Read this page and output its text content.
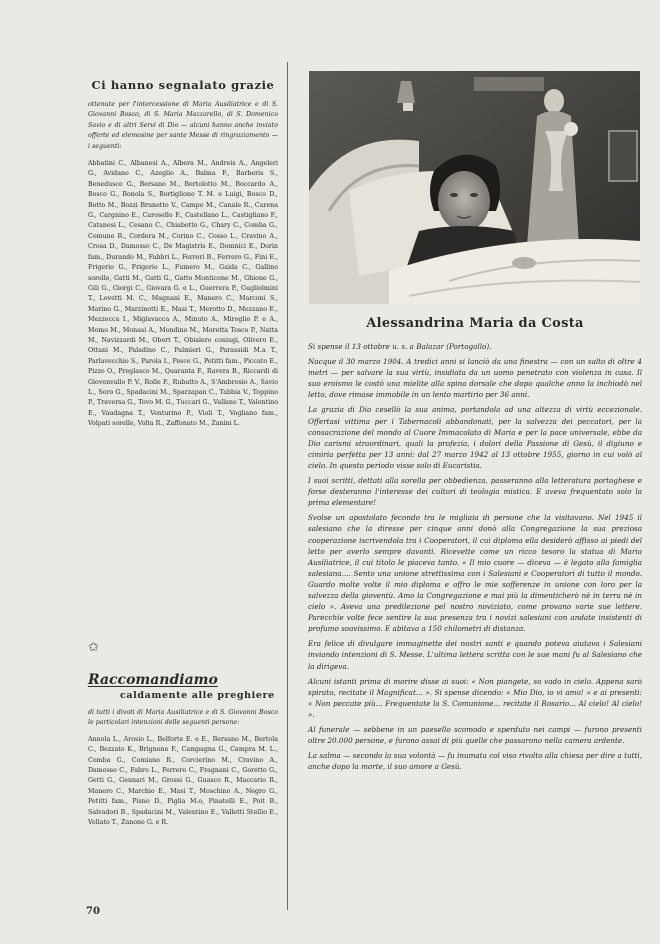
Ci hanno segnalato grazie

ottenute per l'intercessione di Maria Ausiliatrice e di S. Giovanni Bosco, di S. Maria Mazzarello, di S. Domenico Savio e di altri Servi di Dio — alcuni hanno anche inviato offerte ed elemosine per sante Messe di ringraziamento — i seguenti:

Abbatini C., Albanesi A., Albera M., Andreis A., Angeleri G., Avidano C., Azeglio A., Balma F., Barberis S., Benedusce G., Bersano M., Bertolotto M., Boccardo A., Bosco G., Bonola S., Bortiglione T. M. e Luigi, Bosco D., Botto M., Bozzi Brunetto V., Campo M., Canale R., Carena G., Cargnino E., Carosello F., Castellano L., Castigliano F., Catanesi L., Cesano C., Chiabotto G., Chary C., Comba G., Comune R., Cordera M., Corino C., Cosso L., Cravino A., Crosa D., Damosso C., De Magistris E., Domnici E., Dorin fam., Durando M., Fabbri L., Ferreri B., Ferrero G., Fini E., Frigerio G., Frigerio L., Fumero M., Gaida C., Gallino sorelle, Gatti M., Gatti G., Gatto Monticone M., Ghione G., Gili G., Giorgi C., Giovara G. e L., Guerrera P., Guglielmini T., Lovetti M. C., Magnani E., Manero C., Marconi S., Marino G., Marzinotti E., Masi T., Merotto D., Mezzano E., Mezzecca I., Miglavacca A., Minuto A., Miroglio P. e A., Momo M., Monasi A., Mondino M., Moretta Tosco P., Natta M., Navizzardi M., Obert T., Obialero coniugi, Olivero E., Ottani M., Paladino C., Palmieri G., Parassidi M.a T., Parlavecchio S., Parola I., Pesce G., Petitti fam., Piccato E., Pizzo O., Preglasco M., Quaranta F., Ravera B., Riccardi di Giovenvallo P. V., Rolle F., Rubatto A., S'Ambrosio A., Savio L., Soro G., Spadacini M., Sparzapan C., Tabbia V., Toppino P., Traversa G., Tovo M. G., Tuccari G., Vallano T., Valentino E., Vaudagna T., Venturino P., Violi T., Vogliano fam., Volpati sorelle, Volta R., Zaffonato M., Zanini L.

✩
Raccomandiamo
caldamente alle preghiere

di tutti i divoti di Maria Ausiliatrice e di S. Giovanni Bosco le particolari intenzioni delle seguenti persone:

Annola L., Arosio L., Belforte E. e E., Bersano M., Bertola C., Bezzato K., Brignone F., Campagna G., Campra M. L., Comba G., Comiano R., Corcierino M., Cravino A., Damosso C., Fabro L., Ferrero C., Fragnani C., Goretto G., Getti G., Gennari M., Grossi G., Guasco R., Maccario R., Manero C., Marchio E., Masi T., Moschino A., Negro G., Petitti fam., Pisno D., Piglia M.o, Pinatelli E., Poit B., Salvadori B., Spadacini M., Valentino E., Valletti Stellio E., Vellato T., Zanone G. e R.

Alessandrina Maria da Costa

Si spense il 13 ottobre u. s. a Balazar (Portogallo).

Nacque il 30 marzo 1904. A tredici anni si lanciò da una finestra — con un salto di oltre 4 metri — per salvare la sua virtù, insidiata da un uomo penetrato con violenza in casa. Il suo eroismo le costò una mielite alla spina dorsale che dopo qualche anno la inchiodò nel letto, dove rimase immobile in un lento martirio per 36 anni.

La grazia di Dio cesellò la sua anima, portandola ad una altezza di virtù eccezionale. Offertasi vittima per i Tabernacoli abbandonati, per la salvezza dei peccatori, per la consacrazione del mondo al Cuore Immacolato di Maria e per la pace universale, ebbe da Dio carismi straordinari, quali la profezia, i dolori della Passione di Gesù, il digiuno e cimiria perfetta per 13 anni: dal 27 marzo 1942 al 13 ottobre 1955, giorno in cui volò al cielo. In questo periodo visse solo di Eucaristia.

I suoi scritti, dettati alla sorella per obbedienza, passeranno alla letteratura portoghese e forse desteranno l'interesse dei cultori di teologia mistica. E aveva frequentato solo la prima elementare!

Svolse un apostolato fecondo tra le migliaia di persone che la visitavano. Nel 1945 il salesiano che la diresse per cinque anni donò alla Congregazione la sua preziosa cooperazione iscrivendola tra i Cooperatori, il cui diploma ella desiderò affisso ai piedi del letto per averlo sempre davanti. Ricevette come un ricco tesoro la statua di Maria Ausiliatrice, il cui titolo le piaceva tanto. « Il mio cuore — diceva — è legato alla famiglia salesiana.... Sento una unione strettissima con i Salesiani e Cooperatori di tutto il mondo. Guardo molte volte il mio diploma e offro le mie sofferenze in unione con loro per la salvezza della gioventù. Amo la Congregazione e mai più la dimenticherò nè in terra nè in cielo ». Aveva una predilezione pel nostro noviziato, come provano varie sue lettere. Parecchie volte fece sentire la sua presenza tra i novizi salesiani con andate insistenti di profumo soavissimo. E abitava a 150 chilometri di distanza.

Era felice di divulgare immaginette dei nostri santi e quando poteva aiutava i Salesiani inviando intenzioni di S. Messe. L'ultima lettera scritta con le sue mani fu al Salesiano che la dirigeva.

Alcuni istanti prima di morire disse ai suoi: « Non piangete, so vado in cielo. Appena sarò spirato, recitate il Magnificat... ». Si spense dicendo: « Mio Dio, io vi amo! » e ai presenti: « Non peccate più... Frequentate la S. Comunione... recitate il Rosario... Al cielo! Al cielo! ».

Al funerale — sebbene in un paesello scomodo e sperduto nei campi — furono presenti oltre 20.000 persone, e furono assai di più quelle che passarono nella camera ardente.

La salma — secondo la sua volontà — fu inumata col viso rivolto alla chiesa per dire a tutti, anche dopo la morte, il suo amore a Gesù.

70
